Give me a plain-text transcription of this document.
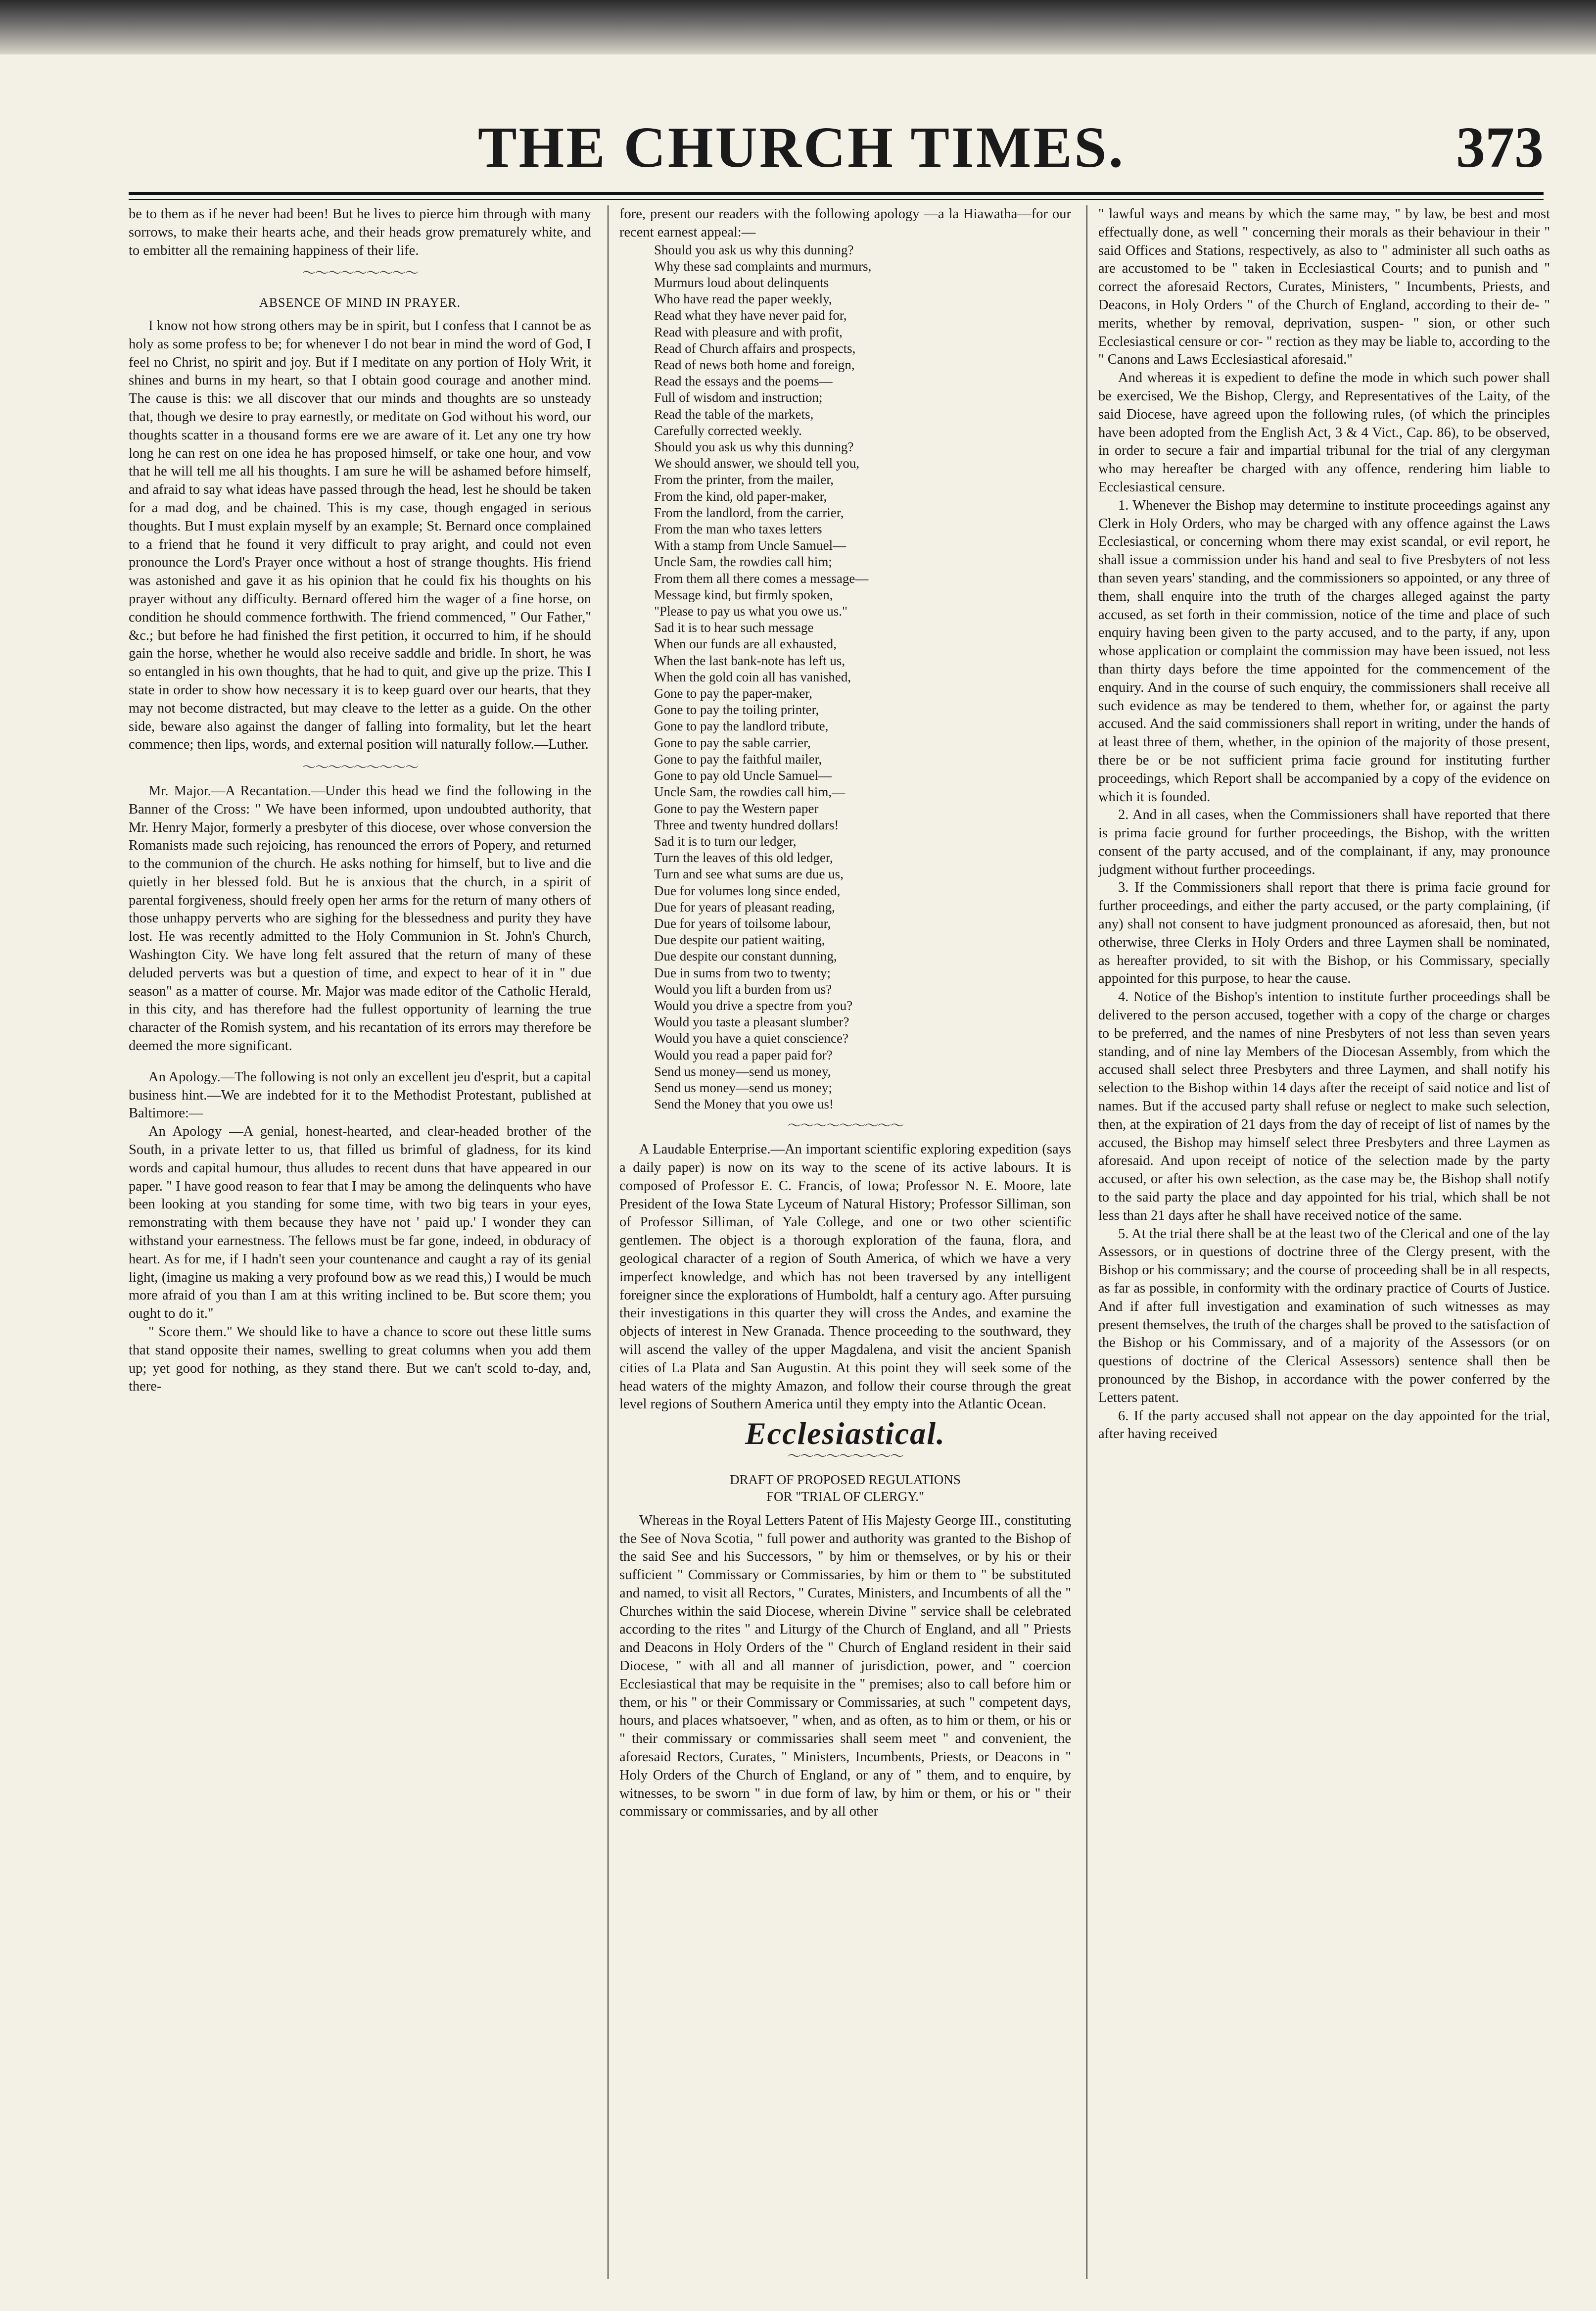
THE CHURCH TIMES.	373

be to them as if he never had been! But he lives to pierce him through with many sorrows, to make their hearts ache, and their heads grow prematurely white, and to embitter all the remaining happiness of their life.

〜〜〜〜〜〜〜〜〜
ABSENCE OF MIND IN PRAYER.

I know not how strong others may be in spirit, but I confess that I cannot be as holy as some profess to be; for whenever I do not bear in mind the word of God, I feel no Christ, no spirit and joy. But if I meditate on any portion of Holy Writ, it shines and burns in my heart, so that I obtain good courage and another mind. The cause is this: we all discover that our minds and thoughts are so unsteady that, though we desire to pray earnestly, or meditate on God without his word, our thoughts scatter in a thousand forms ere we are aware of it. Let any one try how long he can rest on one idea he has proposed himself, or take one hour, and vow that he will tell me all his thoughts. I am sure he will be ashamed before himself, and afraid to say what ideas have passed through the head, lest he should be taken for a mad dog, and be chained. This is my case, though engaged in serious thoughts. But I must explain myself by an example; St. Bernard once complained to a friend that he found it very difficult to pray aright, and could not even pronounce the Lord's Prayer once without a host of strange thoughts. His friend was astonished and gave it as his opinion that he could fix his thoughts on his prayer without any difficulty. Bernard offered him the wager of a fine horse, on condition he should commence forthwith. The friend commenced, " Our Father," &c.; but before he had finished the first petition, it occurred to him, if he should gain the horse, whether he would also receive saddle and bridle. In short, he was so entangled in his own thoughts, that he had to quit, and give up the prize. This I state in order to show how necessary it is to keep guard over our hearts, that they may not become distracted, but may cleave to the letter as a guide. On the other side, beware also against the danger of falling into formality, but let the heart commence; then lips, words, and external position will naturally follow.—Luther.

〜〜〜〜〜〜〜〜〜

Mr. Major.—A Recantation.—Under this head we find the following in the Banner of the Cross: " We have been informed, upon undoubted authority, that Mr. Henry Major, formerly a presbyter of this diocese, over whose conversion the Romanists made such rejoicing, has renounced the errors of Popery, and returned to the communion of the church. He asks nothing for himself, but to live and die quietly in her blessed fold. But he is anxious that the church, in a spirit of parental forgiveness, should freely open her arms for the return of many others of those unhappy perverts who are sighing for the blessedness and purity they have lost. He was recently admitted to the Holy Communion in St. John's Church, Washington City. We have long felt assured that the return of many of these deluded perverts was but a question of time, and expect to hear of it in " due season" as a matter of course. Mr. Major was made editor of the Catholic Herald, in this city, and has therefore had the fullest opportunity of learning the true character of the Romish system, and his recantation of its errors may therefore be deemed the more significant.

An Apology.—The following is not only an excellent jeu d'esprit, but a capital business hint.—We are indebted for it to the Methodist Protestant, published at Baltimore:—

An Apology —A genial, honest-hearted, and clear-headed brother of the South, in a private letter to us, that filled us brimful of gladness, for its kind words and capital humour, thus alludes to recent duns that have appeared in our paper. " I have good reason to fear that I may be among the delinquents who have been looking at you standing for some time, with two big tears in your eyes, remonstrating with them because they have not ' paid up.' I wonder they can withstand your earnestness. The fellows must be far gone, indeed, in obduracy of heart. As for me, if I hadn't seen your countenance and caught a ray of its genial light, (imagine us making a very profound bow as we read this,) I would be much more afraid of you than I am at this writing inclined to be. But score them; you ought to do it."

" Score them." We should like to have a chance to score out these little sums that stand opposite their names, swelling to great columns when you add them up; yet good for nothing, as they stand there. But we can't scold to-day, and, there-

fore, present our readers with the following apology —a la Hiawatha—for our recent earnest appeal:—

Should you ask us why this dunning?
Why these sad complaints and murmurs,
Murmurs loud about delinquents
Who have read the paper weekly,
Read what they have never paid for,
Read with pleasure and with profit,
Read of Church affairs and prospects,
Read of news both home and foreign,
Read the essays and the poems—
Full of wisdom and instruction;
Read the table of the markets,
Carefully corrected weekly.
Should you ask us why this dunning?
We should answer, we should tell you,
From the printer, from the mailer,
From the kind, old paper-maker,
From the landlord, from the carrier,
From the man who taxes letters
With a stamp from Uncle Samuel—
Uncle Sam, the rowdies call him;
From them all there comes a message—
Message kind, but firmly spoken,
"Please to pay us what you owe us."
Sad it is to hear such message
When our funds are all exhausted,
When the last bank-note has left us,
When the gold coin all has vanished,
Gone to pay the paper-maker,
Gone to pay the toiling printer,
Gone to pay the landlord tribute,
Gone to pay the sable carrier,
Gone to pay the faithful mailer,
Gone to pay old Uncle Samuel—
Uncle Sam, the rowdies call him,—
Gone to pay the Western paper
Three and twenty hundred dollars!
Sad it is to turn our ledger,
Turn the leaves of this old ledger,
Turn and see what sums are due us,
Due for volumes long since ended,
Due for years of pleasant reading,
Due for years of toilsome labour,
Due despite our patient waiting,
Due despite our constant dunning,
Due in sums from two to twenty;
Would you lift a burden from us?
Would you drive a spectre from you?
Would you taste a pleasant slumber?
Would you have a quiet conscience?
Would you read a paper paid for?
Send us money—send us money,
Send us money—send us money;
Send the Money that you owe us!
〜〜〜〜〜〜〜〜〜

A Laudable Enterprise.—An important scientific exploring expedition (says a daily paper) is now on its way to the scene of its active labours. It is composed of Professor E. C. Francis, of Iowa; Professor N. E. Moore, late President of the Iowa State Lyceum of Natural History; Professor Silliman, son of Professor Silliman, of Yale College, and one or two other scientific gentlemen. The object is a thorough exploration of the fauna, flora, and geological character of a region of South America, of which we have a very imperfect knowledge, and which has not been traversed by any intelligent foreigner since the explorations of Humboldt, half a century ago. After pursuing their investigations in this quarter they will cross the Andes, and examine the objects of interest in New Granada. Thence proceeding to the southward, they will ascend the valley of the upper Magdalena, and visit the ancient Spanish cities of La Plata and San Augustin. At this point they will seek some of the head waters of the mighty Amazon, and follow their course through the great level regions of Southern America until they empty into the Atlantic Ocean.

Ecclesiastical.
〜〜〜〜〜〜〜〜〜
DRAFT OF PROPOSED REGULATIONS
FOR "TRIAL OF CLERGY."

Whereas in the Royal Letters Patent of His Majesty George III., constituting the See of Nova Scotia, " full power and authority was granted to the Bishop of the said See and his Successors, " by him or themselves, or by his or their sufficient " Commissary or Commissaries, by him or them to " be substituted and named, to visit all Rectors, " Curates, Ministers, and Incumbents of all the " Churches within the said Diocese, wherein Divine " service shall be celebrated according to the rites " and Liturgy of the Church of England, and all " Priests and Deacons in Holy Orders of the " Church of England resident in their said Diocese, " with all and all manner of jurisdiction, power, and " coercion Ecclesiastical that may be requisite in the " premises; also to call before him or them, or his " or their Commissary or Commissaries, at such " competent days, hours, and places whatsoever, " when, and as often, as to him or them, or his or " their commissary or commissaries shall seem meet " and convenient, the aforesaid Rectors, Curates, " Ministers, Incumbents, Priests, or Deacons in " Holy Orders of the Church of England, or any of " them, and to enquire, by witnesses, to be sworn " in due form of law, by him or them, or his or " their commissary or commissaries, and by all other

" lawful ways and means by which the same may, " by law, be best and most effectually done, as well " concerning their morals as their behaviour in their " said Offices and Stations, respectively, as also to " administer all such oaths as are accustomed to be " taken in Ecclesiastical Courts; and to punish and " correct the aforesaid Rectors, Curates, Ministers, " Incumbents, Priests, and Deacons, in Holy Orders " of the Church of England, according to their de- " merits, whether by removal, deprivation, suspen- " sion, or other such Ecclesiastical censure or cor- " rection as they may be liable to, according to the " Canons and Laws Ecclesiastical aforesaid."

And whereas it is expedient to define the mode in which such power shall be exercised, We the Bishop, Clergy, and Representatives of the Laity, of the said Diocese, have agreed upon the following rules, (of which the principles have been adopted from the English Act, 3 & 4 Vict., Cap. 86), to be observed, in order to secure a fair and impartial tribunal for the trial of any clergyman who may hereafter be charged with any offence, rendering him liable to Ecclesiastical censure.

1. Whenever the Bishop may determine to institute proceedings against any Clerk in Holy Orders, who may be charged with any offence against the Laws Ecclesiastical, or concerning whom there may exist scandal, or evil report, he shall issue a commission under his hand and seal to five Presbyters of not less than seven years' standing, and the commissioners so appointed, or any three of them, shall enquire into the truth of the charges alleged against the party accused, as set forth in their commission, notice of the time and place of such enquiry having been given to the party accused, and to the party, if any, upon whose application or complaint the commission may have been issued, not less than thirty days before the time appointed for the commencement of the enquiry. And in the course of such enquiry, the commissioners shall receive all such evidence as may be tendered to them, whether for, or against the party accused. And the said commissioners shall report in writing, under the hands of at least three of them, whether, in the opinion of the majority of those present, there be or be not sufficient prima facie ground for instituting further proceedings, which Report shall be accompanied by a copy of the evidence on which it is founded.

2. And in all cases, when the Commissioners shall have reported that there is prima facie ground for further proceedings, the Bishop, with the written consent of the party accused, and of the complainant, if any, may pronounce judgment without further proceedings.

3. If the Commissioners shall report that there is prima facie ground for further proceedings, and either the party accused, or the party complaining, (if any) shall not consent to have judgment pronounced as aforesaid, then, but not otherwise, three Clerks in Holy Orders and three Laymen shall be nominated, as hereafter provided, to sit with the Bishop, or his Commissary, specially appointed for this purpose, to hear the cause.

4. Notice of the Bishop's intention to institute further proceedings shall be delivered to the person accused, together with a copy of the charge or charges to be preferred, and the names of nine Presbyters of not less than seven years standing, and of nine lay Members of the Diocesan Assembly, from which the accused shall select three Presbyters and three Laymen, and shall notify his selection to the Bishop within 14 days after the receipt of said notice and list of names. But if the accused party shall refuse or neglect to make such selection, then, at the expiration of 21 days from the day of receipt of list of names by the accused, the Bishop may himself select three Presbyters and three Laymen as aforesaid. And upon receipt of notice of the selection made by the party accused, or after his own selection, as the case may be, the Bishop shall notify to the said party the place and day appointed for his trial, which shall be not less than 21 days after he shall have received notice of the same.

5. At the trial there shall be at the least two of the Clerical and one of the lay Assessors, or in questions of doctrine three of the Clergy present, with the Bishop or his commissary; and the course of proceeding shall be in all respects, as far as possible, in conformity with the ordinary practice of Courts of Justice. And if after full investigation and examination of such witnesses as may present themselves, the truth of the charges shall be proved to the satisfaction of the Bishop or his Commissary, and of a majority of the Assessors (or on questions of doctrine of the Clerical Assessors) sentence shall then be pronounced by the Bishop, in accordance with the power conferred by the Letters patent.

6. If the party accused shall not appear on the day appointed for the trial, after having received
